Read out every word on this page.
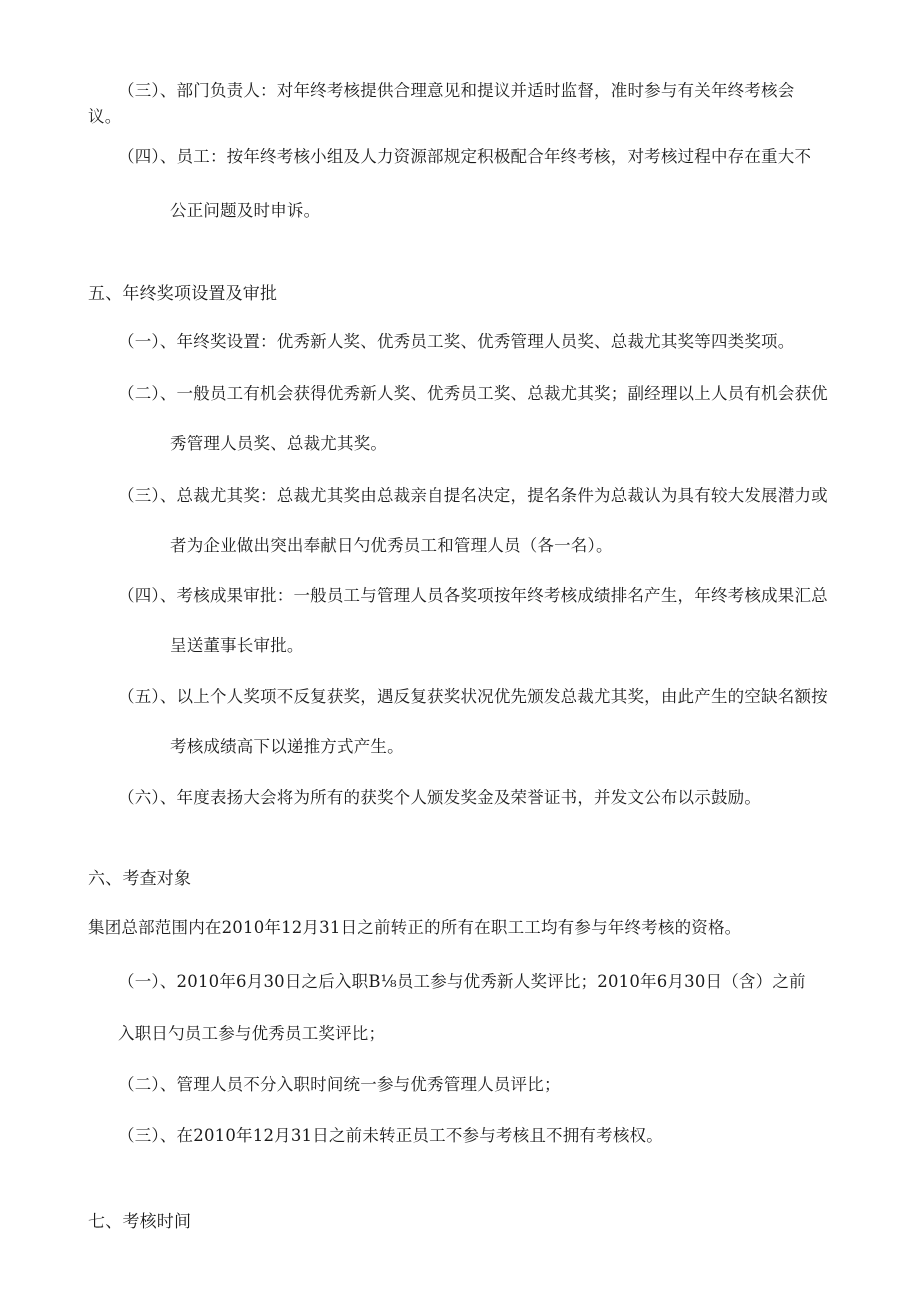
（三）、部门负责人：对年终考核提供合理意见和提议并适时监督，准时参与有关年终考核会
议。
（四）、员工：按年终考核小组及人力资源部规定积极配合年终考核，对考核过程中存在重大不
公正问题及时申诉。
五、年终奖项设置及审批
（一）、年终奖设置：优秀新人奖、优秀员工奖、优秀管理人员奖、总裁尤其奖等四类奖项。
（二）、一般员工有机会获得优秀新人奖、优秀员工奖、总裁尤其奖；副经理以上人员有机会获优
秀管理人员奖、总裁尤其奖。
（三）、总裁尤其奖：总裁尤其奖由总裁亲自提名决定，提名条件为总裁认为具有较大发展潜力或
者为企业做出突出奉献日勺优秀员工和管理人员（各一名）。
（四）、考核成果审批：一般员工与管理人员各奖项按年终考核成绩排名产生，年终考核成果汇总
呈送董事长审批。
（五）、以上个人奖项不反复获奖，遇反复获奖状况优先颁发总裁尤其奖，由此产生的空缺名额按
考核成绩高下以递推方式产生。
（六）、年度表扬大会将为所有的获奖个人颁发奖金及荣誉证书，并发文公布以示鼓励。
六、考查对象
集团总部范围内在2010年12月31日之前转正的所有在职工工均有参与年终考核的资格。
（一）、2010年6月30日之后入职B⅛员工参与优秀新人奖评比；2010年6月30日（含）之前
入职日勺员工参与优秀员工奖评比；
（二）、管理人员不分入职时间统一参与优秀管理人员评比；
（三）、在2010年12月31日之前未转正员工不参与考核且不拥有考核权。
七、考核时间
